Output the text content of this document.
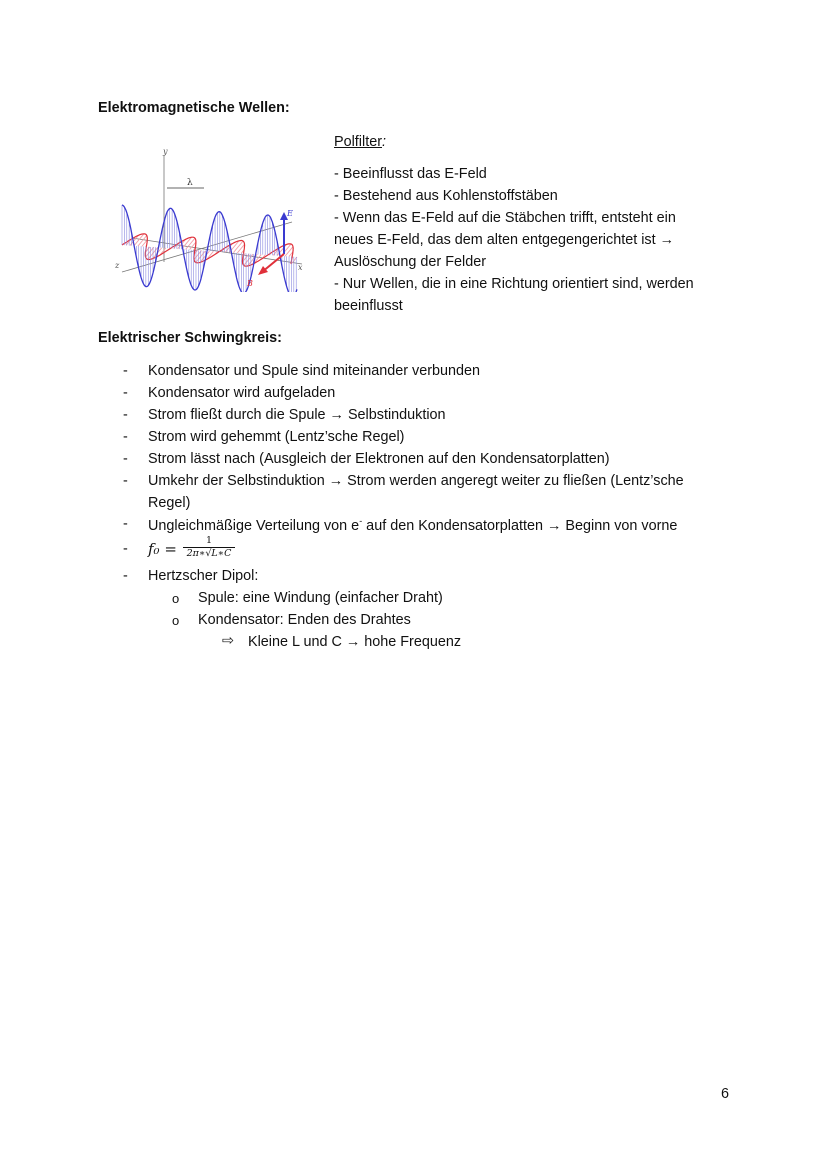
Elektromagnetische Wellen:
y
λ
E
B
z	x
Polfilter:
- Beeinflusst das E-Feld
- Bestehend aus Kohlenstoffstäben
- Wenn das E-Feld auf die Stäbchen trifft, entsteht ein
neues E-Feld, das dem alten entgegengerichtet ist →
Auslöschung der Felder
- Nur Wellen, die in eine Richtung orientiert sind, werden
beeinflusst
Elektrischer Schwingkreis:
- Kondensator und Spule sind miteinander verbunden
- Kondensator wird aufgeladen
- Strom fließt durch die Spule → Selbstinduktion
- Strom wird gehemmt (Lentz’sche Regel)
- Strom lässt nach (Ausgleich der Elektronen auf den Kondensatorplatten)
- Umkehr der Selbstinduktion → Strom werden angeregt weiter zu fließen (Lentz’sche
Regel)
- Ungleichmäßige Verteilung von e- auf den Kondensatorplatten → Beginn von vorne
- f₀ =	1
2π∗√L∗C
- Hertzscher Dipol:
o Spule: eine Windung (einfacher Draht)
o Kondensator: Enden des Drahtes
⇨ Kleine L und C → hohe Frequenz
6
